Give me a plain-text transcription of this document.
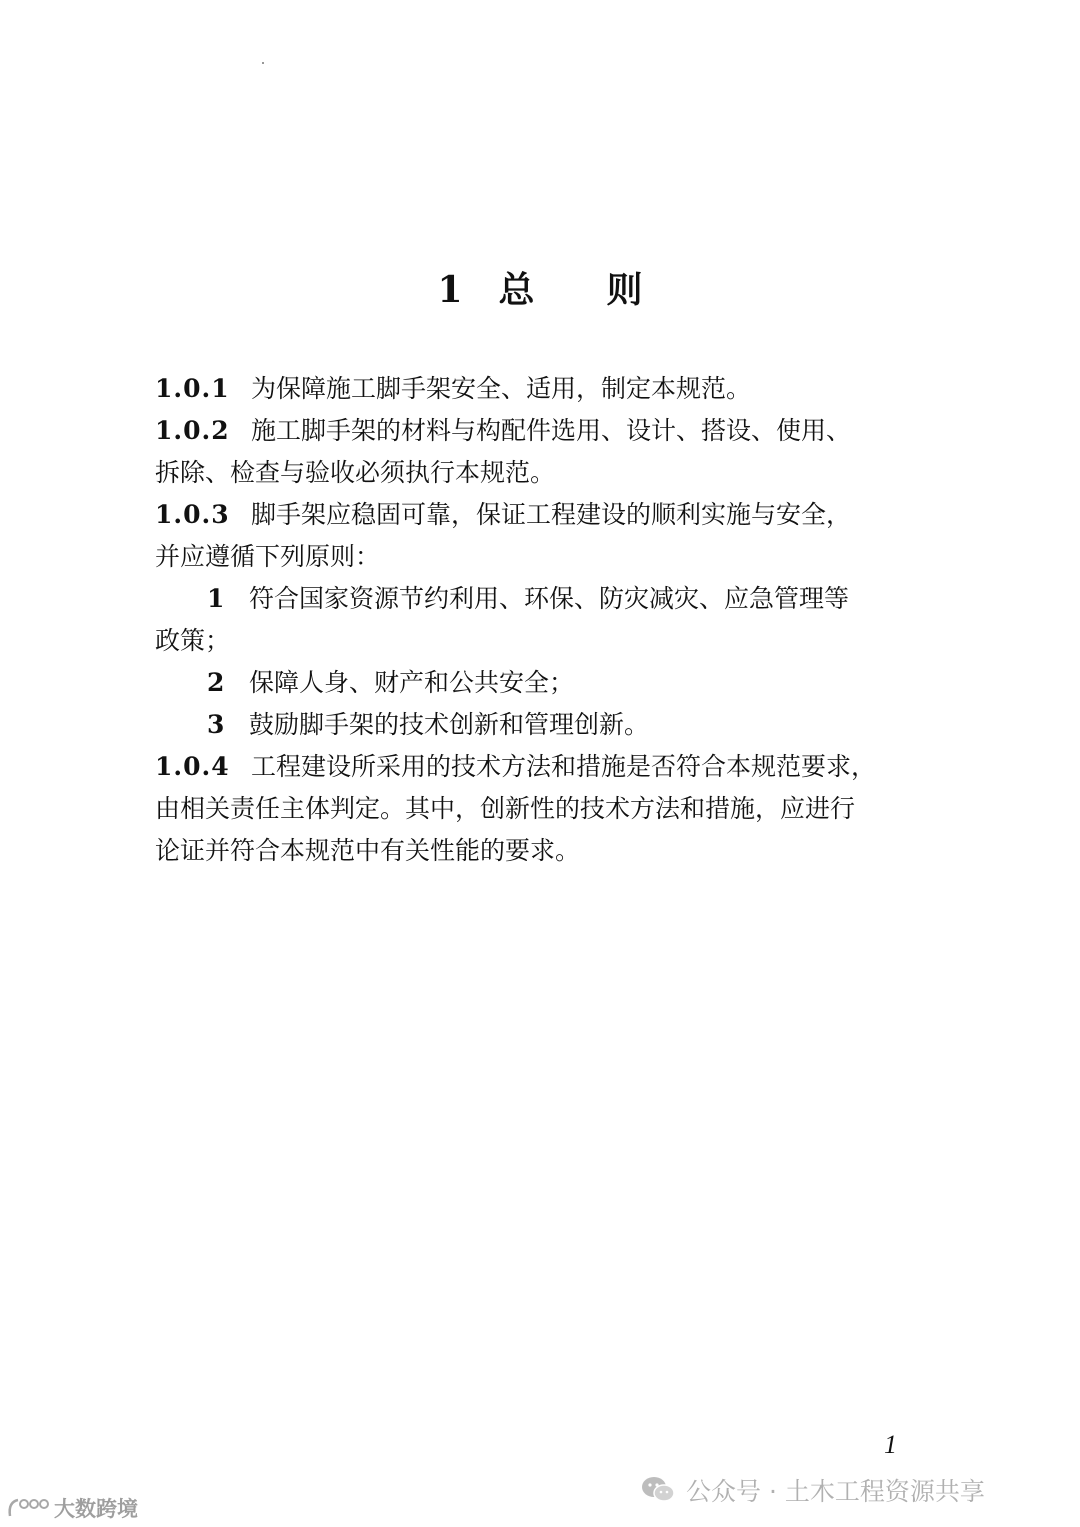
1 总 则
1.0.1 为保障施工脚手架安全、适用，制定本规范。
1.0.2 施工脚手架的材料与构配件选用、设计、搭设、使用、
拆除、检查与验收必须执行本规范。
1.0.3 脚手架应稳固可靠，保证工程建设的顺利实施与安全，
并应遵循下列原则：
1 符合国家资源节约利用、环保、防灾减灾、应急管理等
政策；
2 保障人身、财产和公共安全；
3 鼓励脚手架的技术创新和管理创新。
1.0.4 工程建设所采用的技术方法和措施是否符合本规范要求，
由相关责任主体判定。其中，创新性的技术方法和措施，应进行
论证并符合本规范中有关性能的要求。
1
大数跨境
公众号 · 土木工程资源共享
